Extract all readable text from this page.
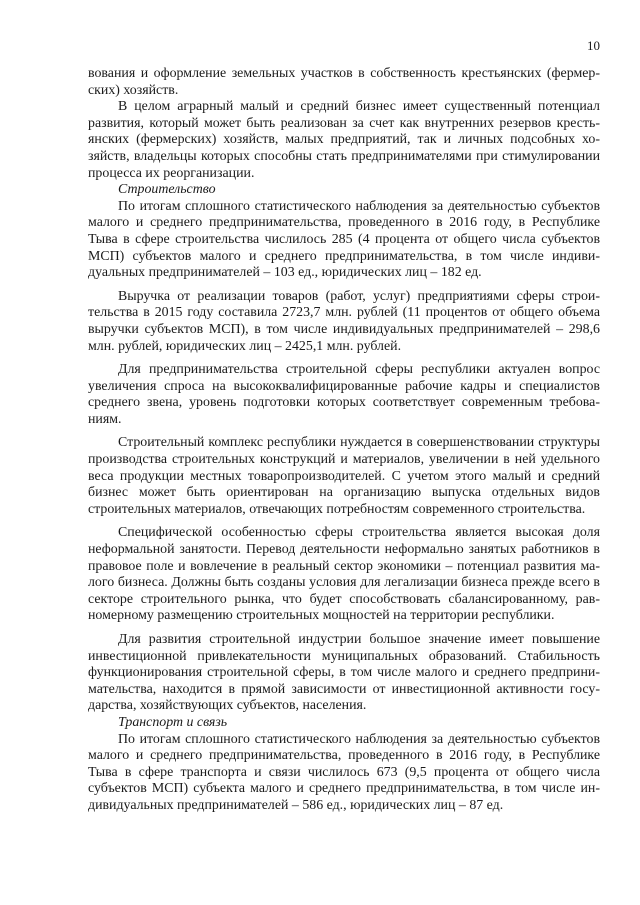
10

вования и оформление земельных участков в собственность крестьянских (фермерских) хозяйств.

В целом аграрный малый и средний бизнес имеет существенный потенциал развития, который может быть реализован за счет как внутренних резервов крестьянских (фермерских) хозяйств, малых предприятий, так и личных подсобных хозяйств, владельцы которых способны стать предпринимателями при стимулировании процесса их реорганизации.

Строительство

По итогам сплошного статистического наблюдения за деятельностью субъектов малого и среднего предпринимательства, проведенного в 2016 году, в Республике Тыва в сфере строительства числилось 285 (4 процента от общего числа субъектов МСП) субъектов малого и среднего предпринимательства, в том числе индивидуальных предпринимателей – 103 ед., юридических лиц – 182 ед.

Выручка от реализации товаров (работ, услуг) предприятиями сферы строительства в 2015 году составила 2723,7 млн. рублей (11 процентов от общего объема выручки субъектов МСП), в том числе индивидуальных предпринимателей – 298,6 млн. рублей, юридических лиц – 2425,1 млн. рублей.

Для предпринимательства строительной сферы республики актуален вопрос увеличения спроса на высококвалифицированные рабочие кадры и специалистов среднего звена, уровень подготовки которых соответствует современным требованиям.

Строительный комплекс республики нуждается в совершенствовании структуры производства строительных конструкций и материалов, увеличении в ней удельного веса продукции местных товаропроизводителей. С учетом этого малый и средний бизнес может быть ориентирован на организацию выпуска отдельных видов строительных материалов, отвечающих потребностям современного строительства.

Специфической особенностью сферы строительства является высокая доля неформальной занятости. Перевод деятельности неформально занятых работников в правовое поле и вовлечение в реальный сектор экономики – потенциал развития малого бизнеса. Должны быть созданы условия для легализации бизнеса прежде всего в секторе строительного рынка, что будет способствовать сбалансированному, равномерному размещению строительных мощностей на территории республики.

Для развития строительной индустрии большое значение имеет повышение инвестиционной привлекательности муниципальных образований. Стабильность функционирования строительной сферы, в том числе малого и среднего предпринимательства, находится в прямой зависимости от инвестиционной активности государства, хозяйствующих субъектов, населения.

Транспорт и связь

По итогам сплошного статистического наблюдения за деятельностью субъектов малого и среднего предпринимательства, проведенного в 2016 году, в Республике Тыва в сфере транспорта и связи числилось 673 (9,5 процента от общего числа субъектов МСП) субъекта малого и среднего предпринимательства, в том числе индивидуальных предпринимателей – 586 ед., юридических лиц – 87 ед.
